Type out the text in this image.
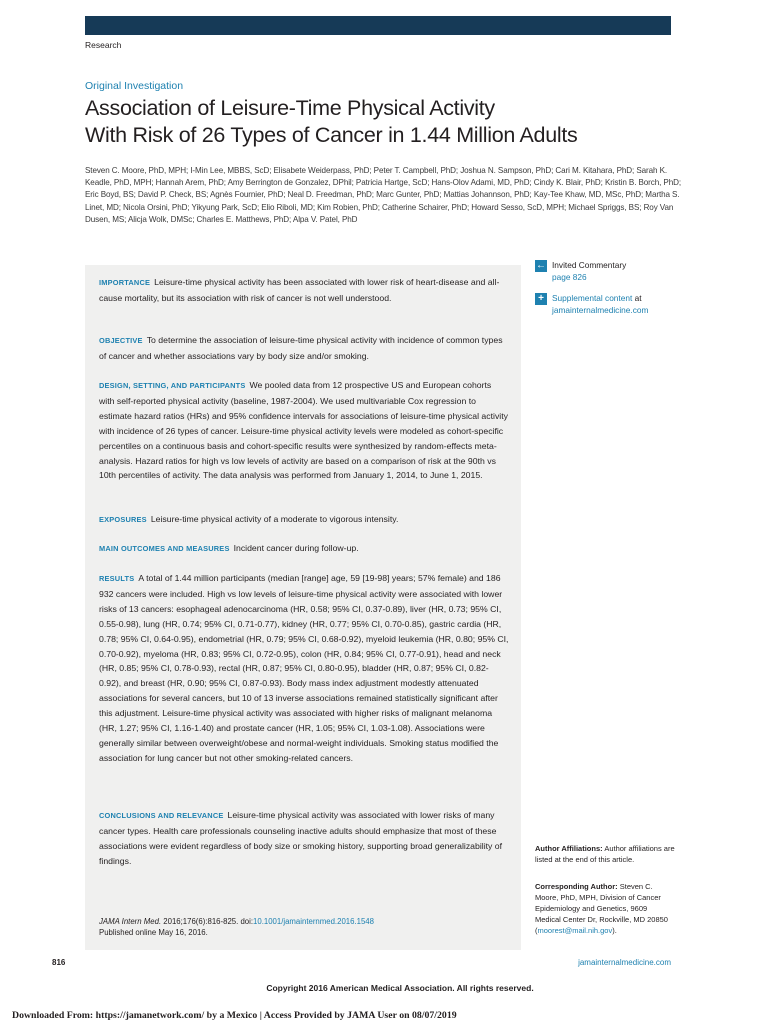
Research
Original Investigation
Association of Leisure-Time Physical Activity
With Risk of 26 Types of Cancer in 1.44 Million Adults
Steven C. Moore, PhD, MPH; I-Min Lee, MBBS, ScD; Elisabete Weiderpass, PhD; Peter T. Campbell, PhD; Joshua N. Sampson, PhD; Cari M. Kitahara, PhD; Sarah K. Keadle, PhD, MPH; Hannah Arem, PhD; Amy Berrington de Gonzalez, DPhil; Patricia Hartge, ScD; Hans-Olov Adami, MD, PhD; Cindy K. Blair, PhD; Kristin B. Borch, PhD; Eric Boyd, BS; David P. Check, BS; Agnès Fournier, PhD; Neal D. Freedman, PhD; Marc Gunter, PhD; Mattias Johannson, PhD; Kay-Tee Khaw, MD, MSc, PhD; Martha S. Linet, MD; Nicola Orsini, PhD; Yikyung Park, ScD; Elio Riboli, MD; Kim Robien, PhD; Catherine Schairer, PhD; Howard Sesso, ScD, MPH; Michael Spriggs, BS; Roy Van Dusen, MS; Alicja Wolk, DMSc; Charles E. Matthews, PhD; Alpa V. Patel, PhD
IMPORTANCE Leisure-time physical activity has been associated with lower risk of heart-disease and all-cause mortality, but its association with risk of cancer is not well understood.
OBJECTIVE To determine the association of leisure-time physical activity with incidence of common types of cancer and whether associations vary by body size and/or smoking.
DESIGN, SETTING, AND PARTICIPANTS We pooled data from 12 prospective US and European cohorts with self-reported physical activity (baseline, 1987-2004). We used multivariable Cox regression to estimate hazard ratios (HRs) and 95% confidence intervals for associations of leisure-time physical activity with incidence of 26 types of cancer. Leisure-time physical activity levels were modeled as cohort-specific percentiles on a continuous basis and cohort-specific results were synthesized by random-effects meta-analysis. Hazard ratios for high vs low levels of activity are based on a comparison of risk at the 90th vs 10th percentiles of activity. The data analysis was performed from January 1, 2014, to June 1, 2015.
EXPOSURES Leisure-time physical activity of a moderate to vigorous intensity.
MAIN OUTCOMES AND MEASURES Incident cancer during follow-up.
RESULTS A total of 1.44 million participants (median [range] age, 59 [19-98] years; 57% female) and 186 932 cancers were included. High vs low levels of leisure-time physical activity were associated with lower risks of 13 cancers: esophageal adenocarcinoma (HR, 0.58; 95% CI, 0.37-0.89), liver (HR, 0.73; 95% CI, 0.55-0.98), lung (HR, 0.74; 95% CI, 0.71-0.77), kidney (HR, 0.77; 95% CI, 0.70-0.85), gastric cardia (HR, 0.78; 95% CI, 0.64-0.95), endometrial (HR, 0.79; 95% CI, 0.68-0.92), myeloid leukemia (HR, 0.80; 95% CI, 0.70-0.92), myeloma (HR, 0.83; 95% CI, 0.72-0.95), colon (HR, 0.84; 95% CI, 0.77-0.91), head and neck (HR, 0.85; 95% CI, 0.78-0.93), rectal (HR, 0.87; 95% CI, 0.80-0.95), bladder (HR, 0.87; 95% CI, 0.82-0.92), and breast (HR, 0.90; 95% CI, 0.87-0.93). Body mass index adjustment modestly attenuated associations for several cancers, but 10 of 13 inverse associations remained statistically significant after this adjustment. Leisure-time physical activity was associated with higher risks of malignant melanoma (HR, 1.27; 95% CI, 1.16-1.40) and prostate cancer (HR, 1.05; 95% CI, 1.03-1.08). Associations were generally similar between overweight/obese and normal-weight individuals. Smoking status modified the association for lung cancer but not other smoking-related cancers.
CONCLUSIONS AND RELEVANCE Leisure-time physical activity was associated with lower risks of many cancer types. Health care professionals counseling inactive adults should emphasize that most of these associations were evident regardless of body size or smoking history, supporting broad generalizability of findings.
JAMA Intern Med. 2016;176(6):816-825. doi:10.1001/jamainternmed.2016.1548
Published online May 16, 2016.
← Invited Commentary
page 826
+ Supplemental content at
jamainternalmedicine.com
Author Affiliations: Author affiliations are listed at the end of this article.
Corresponding Author: Steven C. Moore, PhD, MPH, Division of Cancer Epidemiology and Genetics, 9609 Medical Center Dr, Rockville, MD 20850 (moorest@mail.nih.gov).
816	jamainternalmedicine.com
Copyright 2016 American Medical Association. All rights reserved.
Downloaded From: https://jamanetwork.com/ by a Mexico | Access Provided by JAMA User on 08/07/2019
